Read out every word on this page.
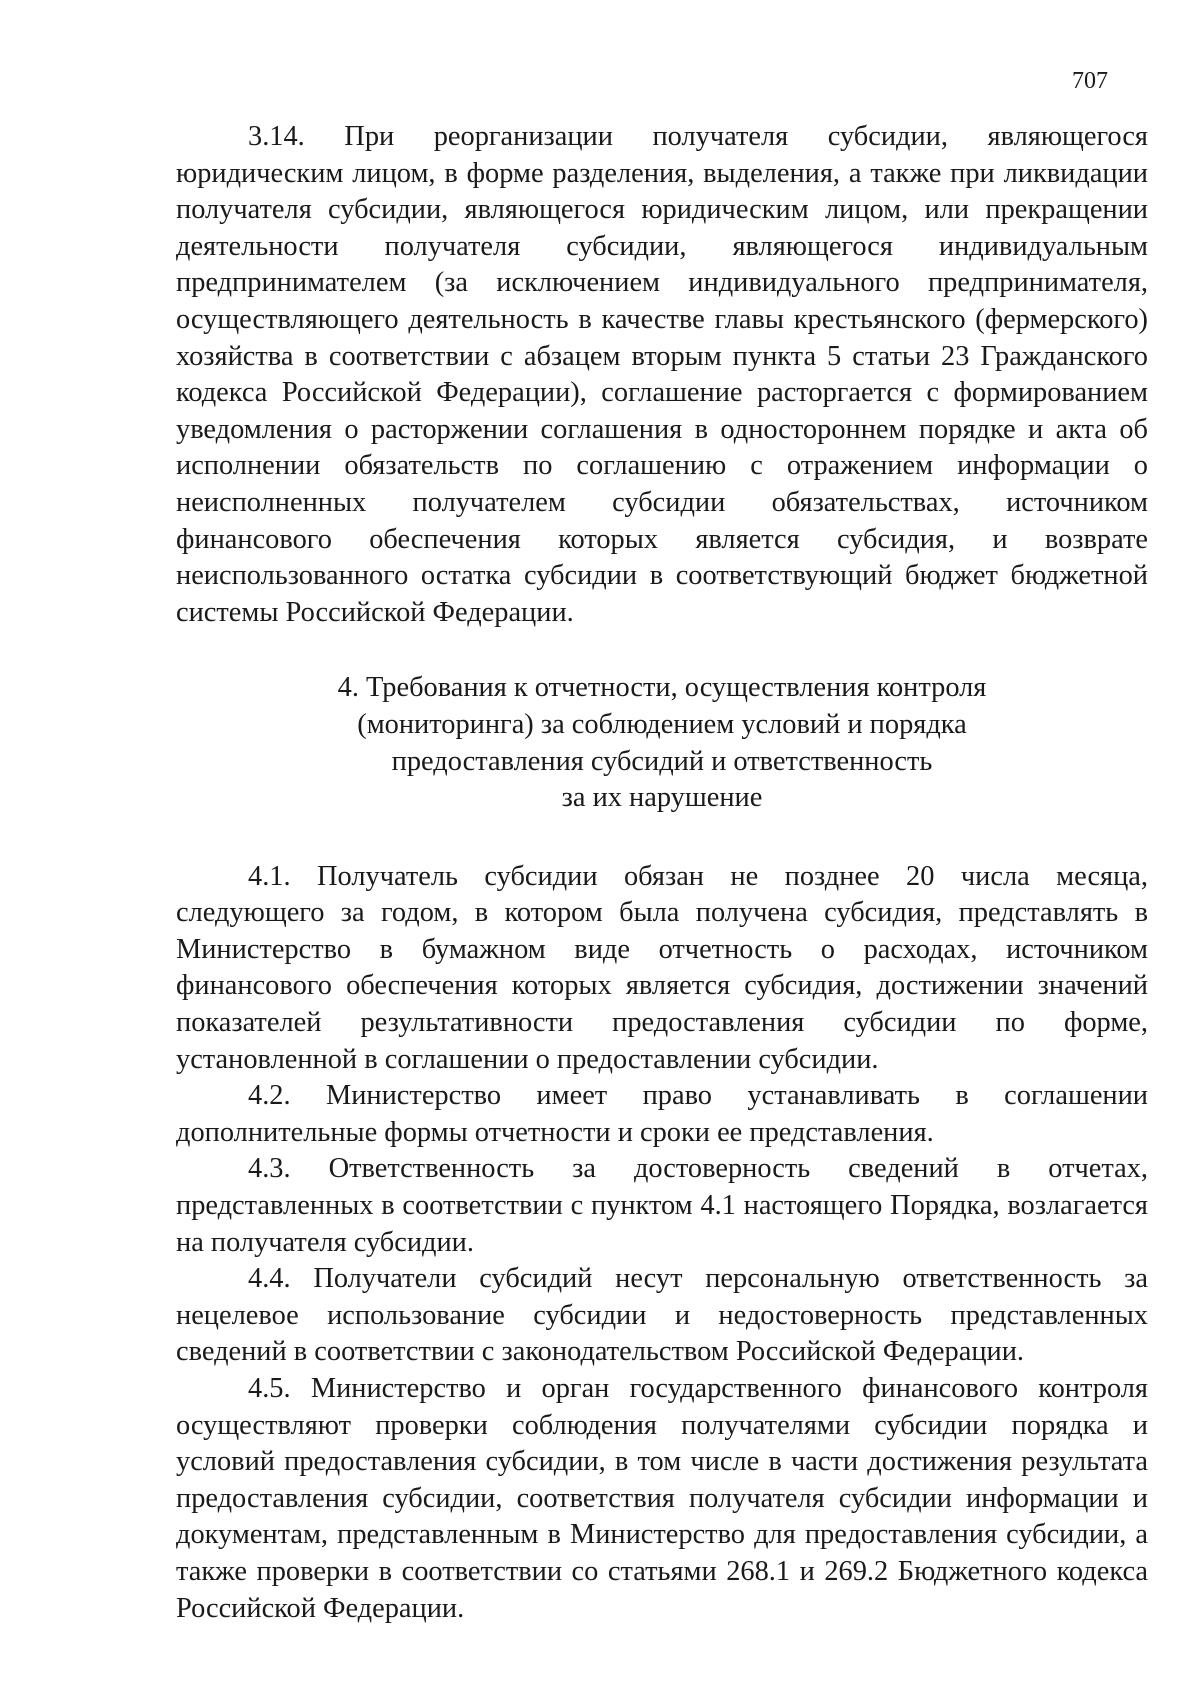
707

3.14. При реорганизации получателя субсидии, являющегося юридическим лицом, в форме разделения, выделения, а также при ликвидации получателя субсидии, являющегося юридическим лицом, или прекращении деятельности получателя субсидии, являющегося индивидуальным предпринимателем (за исключением индивидуального предпринимателя, осуществляющего деятельность в качестве главы крестьянского (фермерского) хозяйства в соответствии с абзацем вторым пункта 5 статьи 23 Гражданского кодекса Российской Федерации), соглашение расторгается с формированием уведомления о расторжении соглашения в одностороннем порядке и акта об исполнении обязательств по соглашению с отражением информации о неисполненных получателем субсидии обязательствах, источником финансового обеспечения которых является субсидия, и возврате неиспользованного остатка субсидии в соответствующий бюджет бюджетной системы Российской Федерации.

4. Требования к отчетности, осуществления контроля
(мониторинга) за соблюдением условий и порядка
предоставления субсидий и ответственность
за их нарушение

4.1. Получатель субсидии обязан не позднее 20 числа месяца, следующего за годом, в котором была получена субсидия, представлять в Министерство в бумажном виде отчетность о расходах, источником финансового обеспечения которых является субсидия, достижении значений показателей результативности предоставления субсидии по форме, установленной в соглашении о предоставлении субсидии.

4.2. Министерство имеет право устанавливать в соглашении дополнительные формы отчетности и сроки ее представления.

4.3. Ответственность за достоверность сведений в отчетах, представленных в соответствии с пунктом 4.1 настоящего Порядка, возлагается на получателя субсидии.

4.4. Получатели субсидий несут персональную ответственность за нецелевое использование субсидии и недостоверность представленных сведений в соответствии с законодательством Российской Федерации.

4.5. Министерство и орган государственного финансового контроля осуществляют проверки соблюдения получателями субсидии порядка и условий предоставления субсидии, в том числе в части достижения результата предоставления субсидии, соответствия получателя субсидии информации и документам, представленным в Министерство для предоставления субсидии, а также проверки в соответствии со статьями 268.1 и 269.2 Бюджетного кодекса Российской Федерации.
